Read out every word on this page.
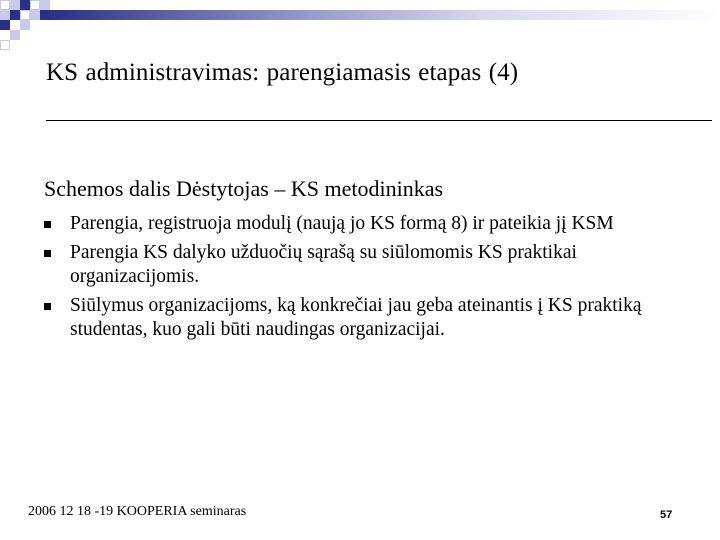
KS administravimas: parengiamasis etapas (4)
Schemos dalis Dėstytojas – KS metodininkas
Parengia, registruoja modulį (naują jo KS formą 8) ir pateikia jį KSM
Parengia KS dalyko užduočių sąrašą su siūlomomis KS praktikai organizacijomis.
Siūlymus organizacijoms, ką konkrečiai jau geba ateinantis į KS praktiką studentas, kuo gali būti naudingas organizacijai.
2006 12 18 -19 KOOPERIA seminaras	57
